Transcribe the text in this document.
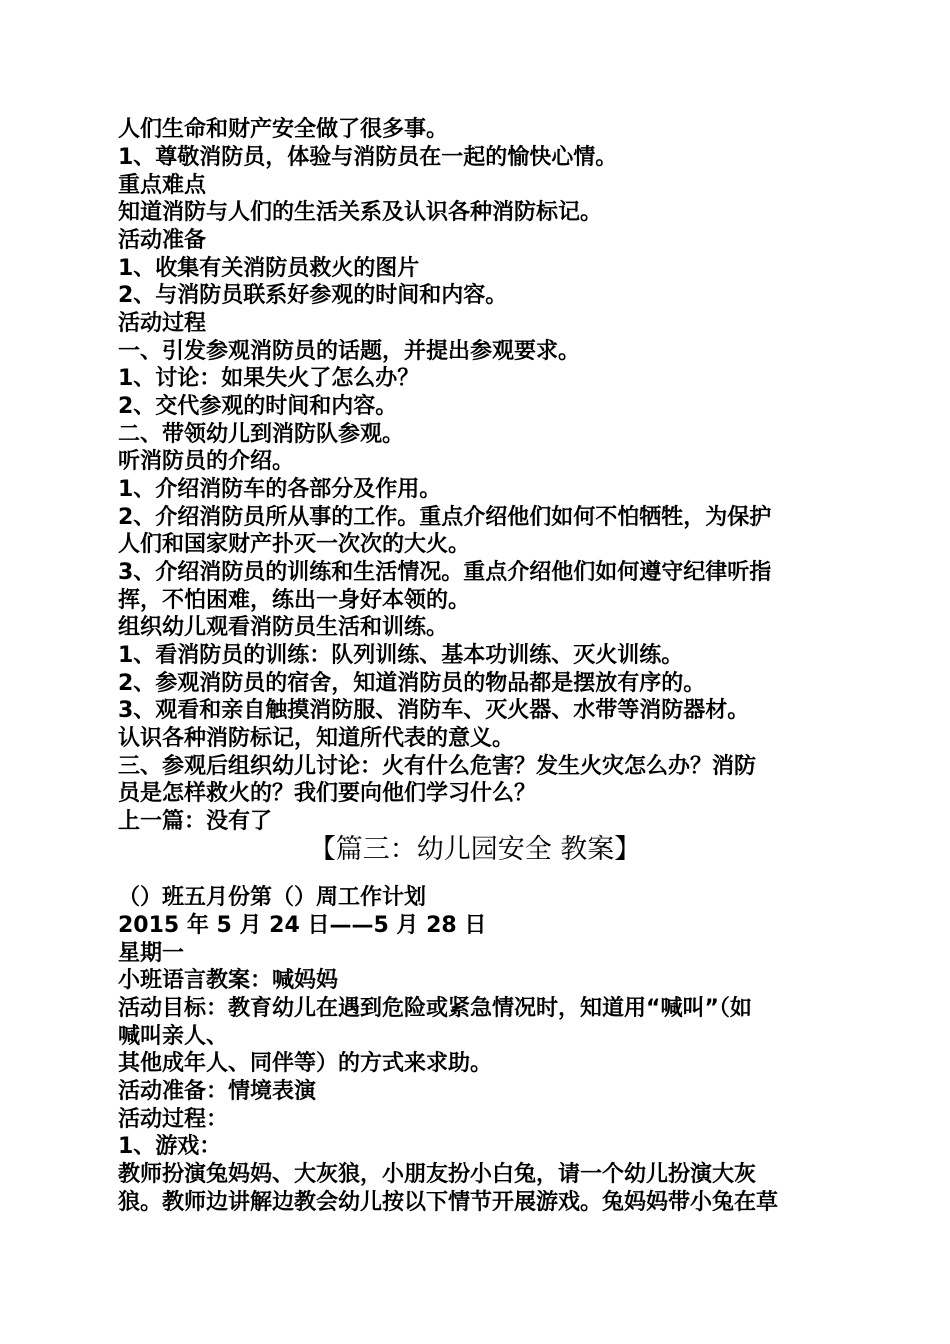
人们生命和财产安全做了很多事。
1、尊敬消防员，体验与消防员在一起的愉快心情。
重点难点
知道消防与人们的生活关系及认识各种消防标记。
活动准备
1、收集有关消防员救火的图片
2、与消防员联系好参观的时间和内容。
活动过程
一、引发参观消防员的话题，并提出参观要求。
1、讨论：如果失火了怎么办？
2、交代参观的时间和内容。
二、带领幼儿到消防队参观。
听消防员的介绍。
1、介绍消防车的各部分及作用。
2、介绍消防员所从事的工作。重点介绍他们如何不怕牺牲，为保护
人们和国家财产扑灭一次次的大火。
3、介绍消防员的训练和生活情况。重点介绍他们如何遵守纪律听指
挥，不怕困难，练出一身好本领的。
组织幼儿观看消防员生活和训练。
1、看消防员的训练：队列训练、基本功训练、灭火训练。
2、参观消防员的宿舍，知道消防员的物品都是摆放有序的。
3、观看和亲自触摸消防服、消防车、灭火器、水带等消防器材。
认识各种消防标记，知道所代表的意义。
三、参观后组织幼儿讨论：火有什么危害？发生火灾怎么办？消防
员是怎样救火的？我们要向他们学习什么？
上一篇：没有了
【篇三：幼儿园安全 教案】
（）班五月份第（）周工作计划
2015 年 5 月 24 日——5 月 28 日
星期一
小班语言教案：喊妈妈
活动目标：教育幼儿在遇到危险或紧急情况时，知道用“喊叫”（如
喊叫亲人、
其他成年人、同伴等）的方式来求助。
活动准备：情境表演
活动过程：
1、游戏：
教师扮演兔妈妈、大灰狼，小朋友扮小白兔，请一个幼儿扮演大灰
狼。教师边讲解边教会幼儿按以下情节开展游戏。兔妈妈带小兔在草
